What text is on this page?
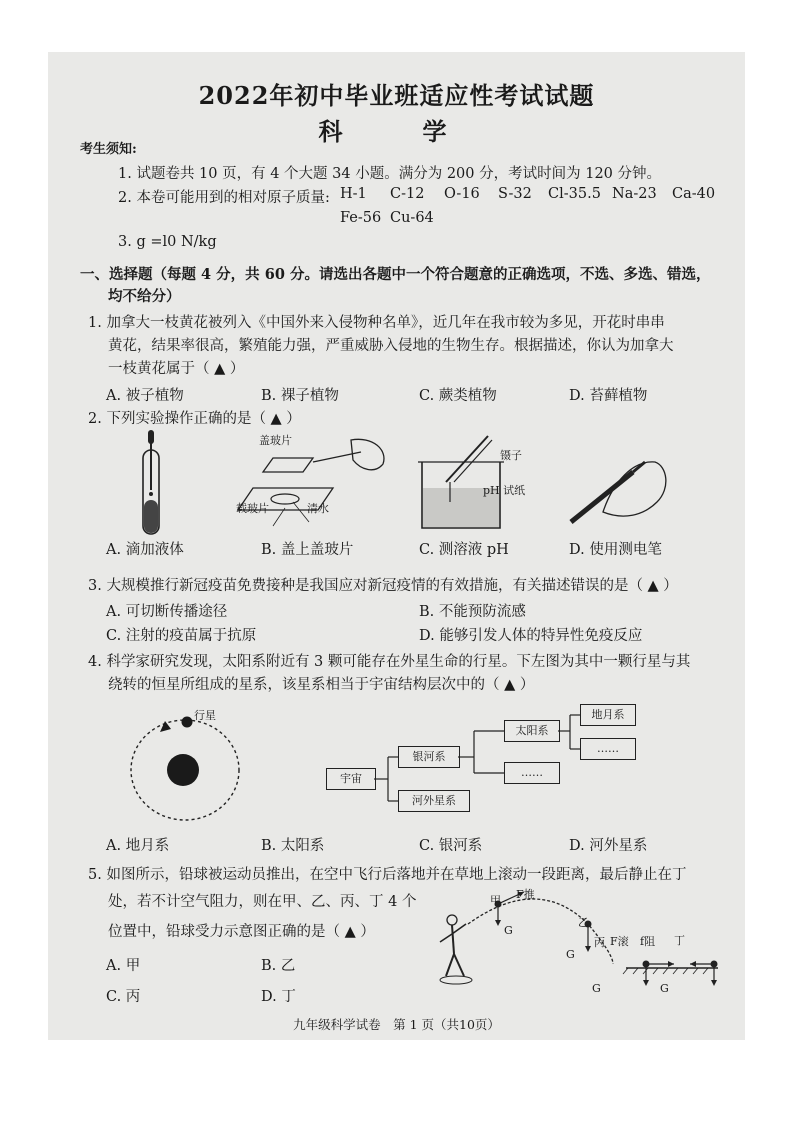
2022年初中毕业班适应性考试试题
科　学
考生须知:
1. 试题卷共 10 页，有 4 个大题 34 小题。满分为 200 分，考试时间为 120 分钟。
2. 本卷可能用到的相对原子质量: H-1 C-12 O-16 S-32 Cl-35.5 Na-23 Ca-40
Fe-56 Cu-64
3. g =l0 N/kg
一、选择题（每题 4 分，共 60 分。请选出各题中一个符合题意的正确选项，不选、多选、错选，
均不给分）
1. 加拿大一枝黄花被列入《中国外来入侵物种名单》，近几年在我市较为多见，开花时串串
黄花，结果率很高，繁殖能力强，严重威胁入侵地的生物生存。根据描述，你认为加拿大
一枝黄花属于（ ▲ ）
A. 被子植物	B. 裸子植物	C. 蕨类植物	D. 苔藓植物
2. 下列实验操作正确的是（ ▲ ）
盖玻片
载玻片	清水
镊子
pH 试纸
A. 滴加液体	B. 盖上盖玻片	C. 测溶液 pH	D. 使用测电笔
3. 大规模推行新冠疫苗免费接种是我国应对新冠疫情的有效措施，有关描述错误的是（ ▲ ）
A. 可切断传播途径	B. 不能预防流感
C. 注射的疫苗属于抗原	D. 能够引发人体的特异性免疫反应
4. 科学家研究发现，太阳系附近有 3 颗可能存在外星生命的行星。下左图为其中一颗行星与其
绕转的恒星所组成的星系，该星系相当于宇宙结构层次中的（ ▲ ）
行星
宇宙
银河系
河外星系
太阳系
……
地月系
……
A. 地月系	B. 太阳系	C. 银河系	D. 河外星系
5. 如图所示，铅球被运动员推出，在空中飞行后落地并在草地上滚动一段距离，最后静止在丁
处，若不计空气阻力，则在甲、乙、丙、丁 4 个
位置中，铅球受力示意图正确的是（ ▲ ）
A. 甲	B. 乙
C. 丙	D. 丁
甲 F推
G
乙
G
丙 F滚 f阻 丁
G	G
九年级科学试卷　第 1 页（共10页）
